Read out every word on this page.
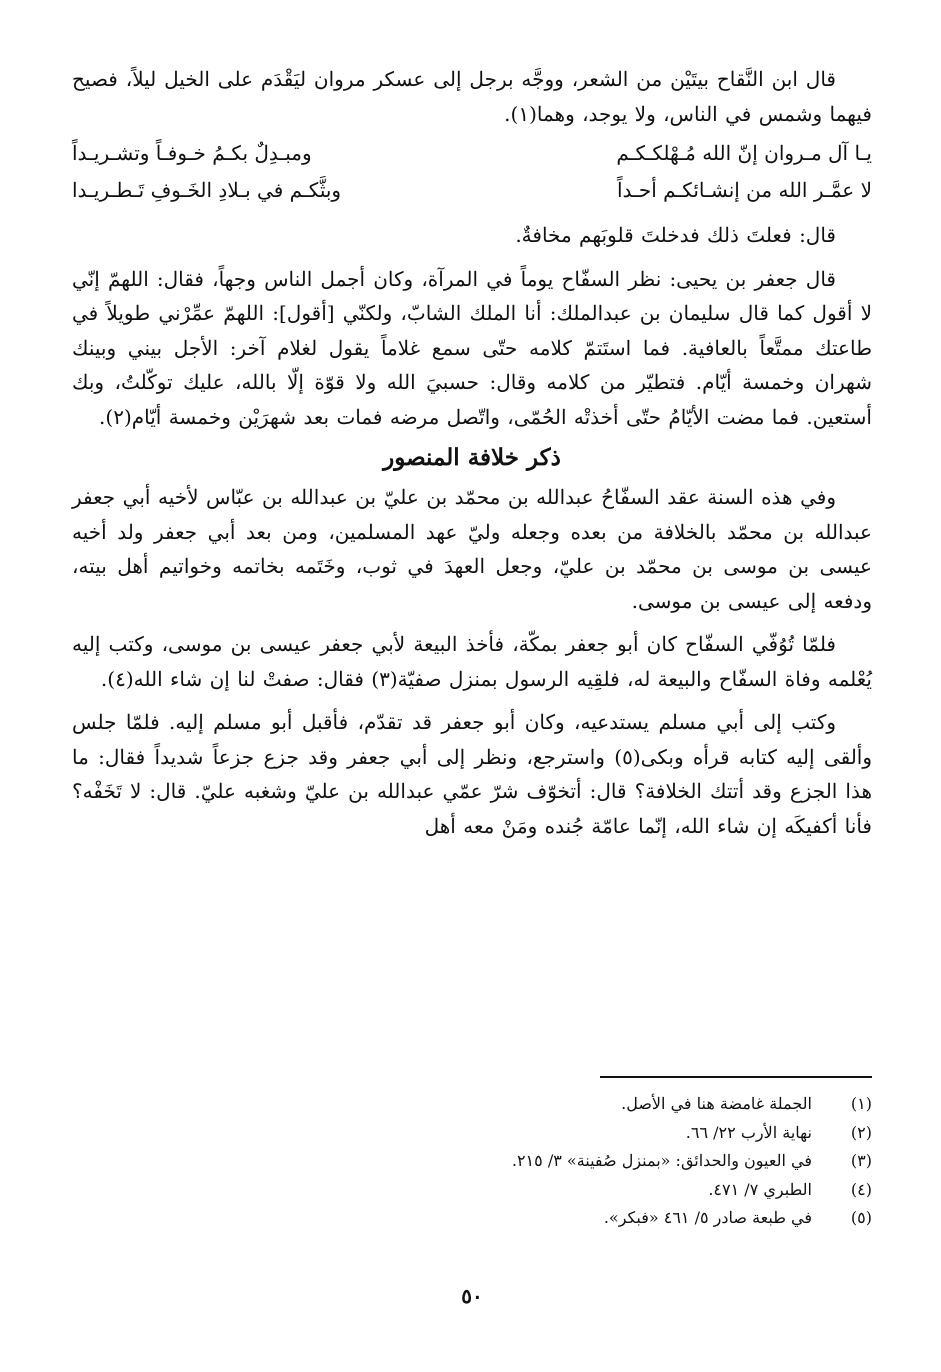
قال ابن النَّقاح بيتَيْن من الشعر، ووجَّه برجل إلى عسكر مروان ليَقْدَم على الخيل ليلاً، فصيح فيهما وشمس في الناس، ولا يوجد، وهما(١).

يـا آل مـروان إنّ الله مُـهْلكـكـم
ومبـدِلٌ بكـمُ خـوفـاً وتشـريـداً
لا عمَّـر الله من إنشـائكـم أحـداً
وبثَّكـم في بـلادِ الخَـوفِ تَـطـريـدا

قال: فعلتَ ذلك فدخلتَ قلوبَهم مخافةٌ.

قال جعفر بن يحيى: نظر السفّاح يوماً في المرآة، وكان أجمل الناس وجهاً، فقال: اللهمّ إنّي لا أقول كما قال سليمان بن عبدالملك: أنا الملك الشابّ، ولكنّي [أقول]: اللهمّ عمِّرْني طويلاً في طاعتك ممتَّعاً بالعافية. فما استَتمّ كلامه حتّى سمع غلاماً يقول لغلام آخر: الأجل بيني وبينك شهران وخمسة أيّام. فتطيّر من كلامه وقال: حسبيَ الله ولا قوّة إلّا بالله، عليك توكّلتُ، وبك أستعين. فما مضت الأيّامُ حتّى أخذتْه الحُمّى، واتّصل مرضه فمات بعد شهرَيْن وخمسة أيّام(٢).

ذكر خلافة المنصور

وفي هذه السنة عقد السفّاحُ عبدالله بن محمّد بن عليّ بن عبدالله بن عبّاس لأخيه أبي جعفر عبدالله بن محمّد بالخلافة من بعده وجعله وليّ عهد المسلمين، ومن بعد أبي جعفر ولد أخيه عيسى بن موسى بن محمّد بن عليّ، وجعل العهدَ في ثوب، وخَتَمه بخاتمه وخواتيم أهل بيته، ودفعه إلى عيسى بن موسى.

فلمّا تُوُفّي السفّاح كان أبو جعفر بمكّة، فأخذ البيعة لأبي جعفر عيسى بن موسى، وكتب إليه يُعْلمه وفاة السفّاح والبيعة له، فلقِيه الرسول بمنزل صفيّة(٣) فقال: صفتْ لنا إن شاء الله(٤).

وكتب إلى أبي مسلم يستدعيه، وكان أبو جعفر قد تقدّم، فأقبل أبو مسلم إليه. فلمّا جلس وألقى إليه كتابه قرأه وبكى(٥) واسترجع، ونظر إلى أبي جعفر وقد جزع جزعاً شديداً فقال: ما هذا الجزع وقد أتتك الخلافة؟ قال: أتخوّف شرّ عمّي عبدالله بن عليّ وشغبه عليّ. قال: لا تَخَفْه؟ فأنا أكفيكَه إن شاء الله، إنّما عامّة جُنده ومَنْ معه أهل

(١)
الجملة غامضة هنا في الأصل.
(٢)
نهاية الأرب ٢٢/ ٦٦.
(٣)
في العيون والحدائق: «بمنزل صُفينة» ٣/ ٢١٥.
(٤)
الطبري ٧/ ٤٧١.
(٥)
في طبعة صادر ٥/ ٤٦١ «فبكر».
٥٠
